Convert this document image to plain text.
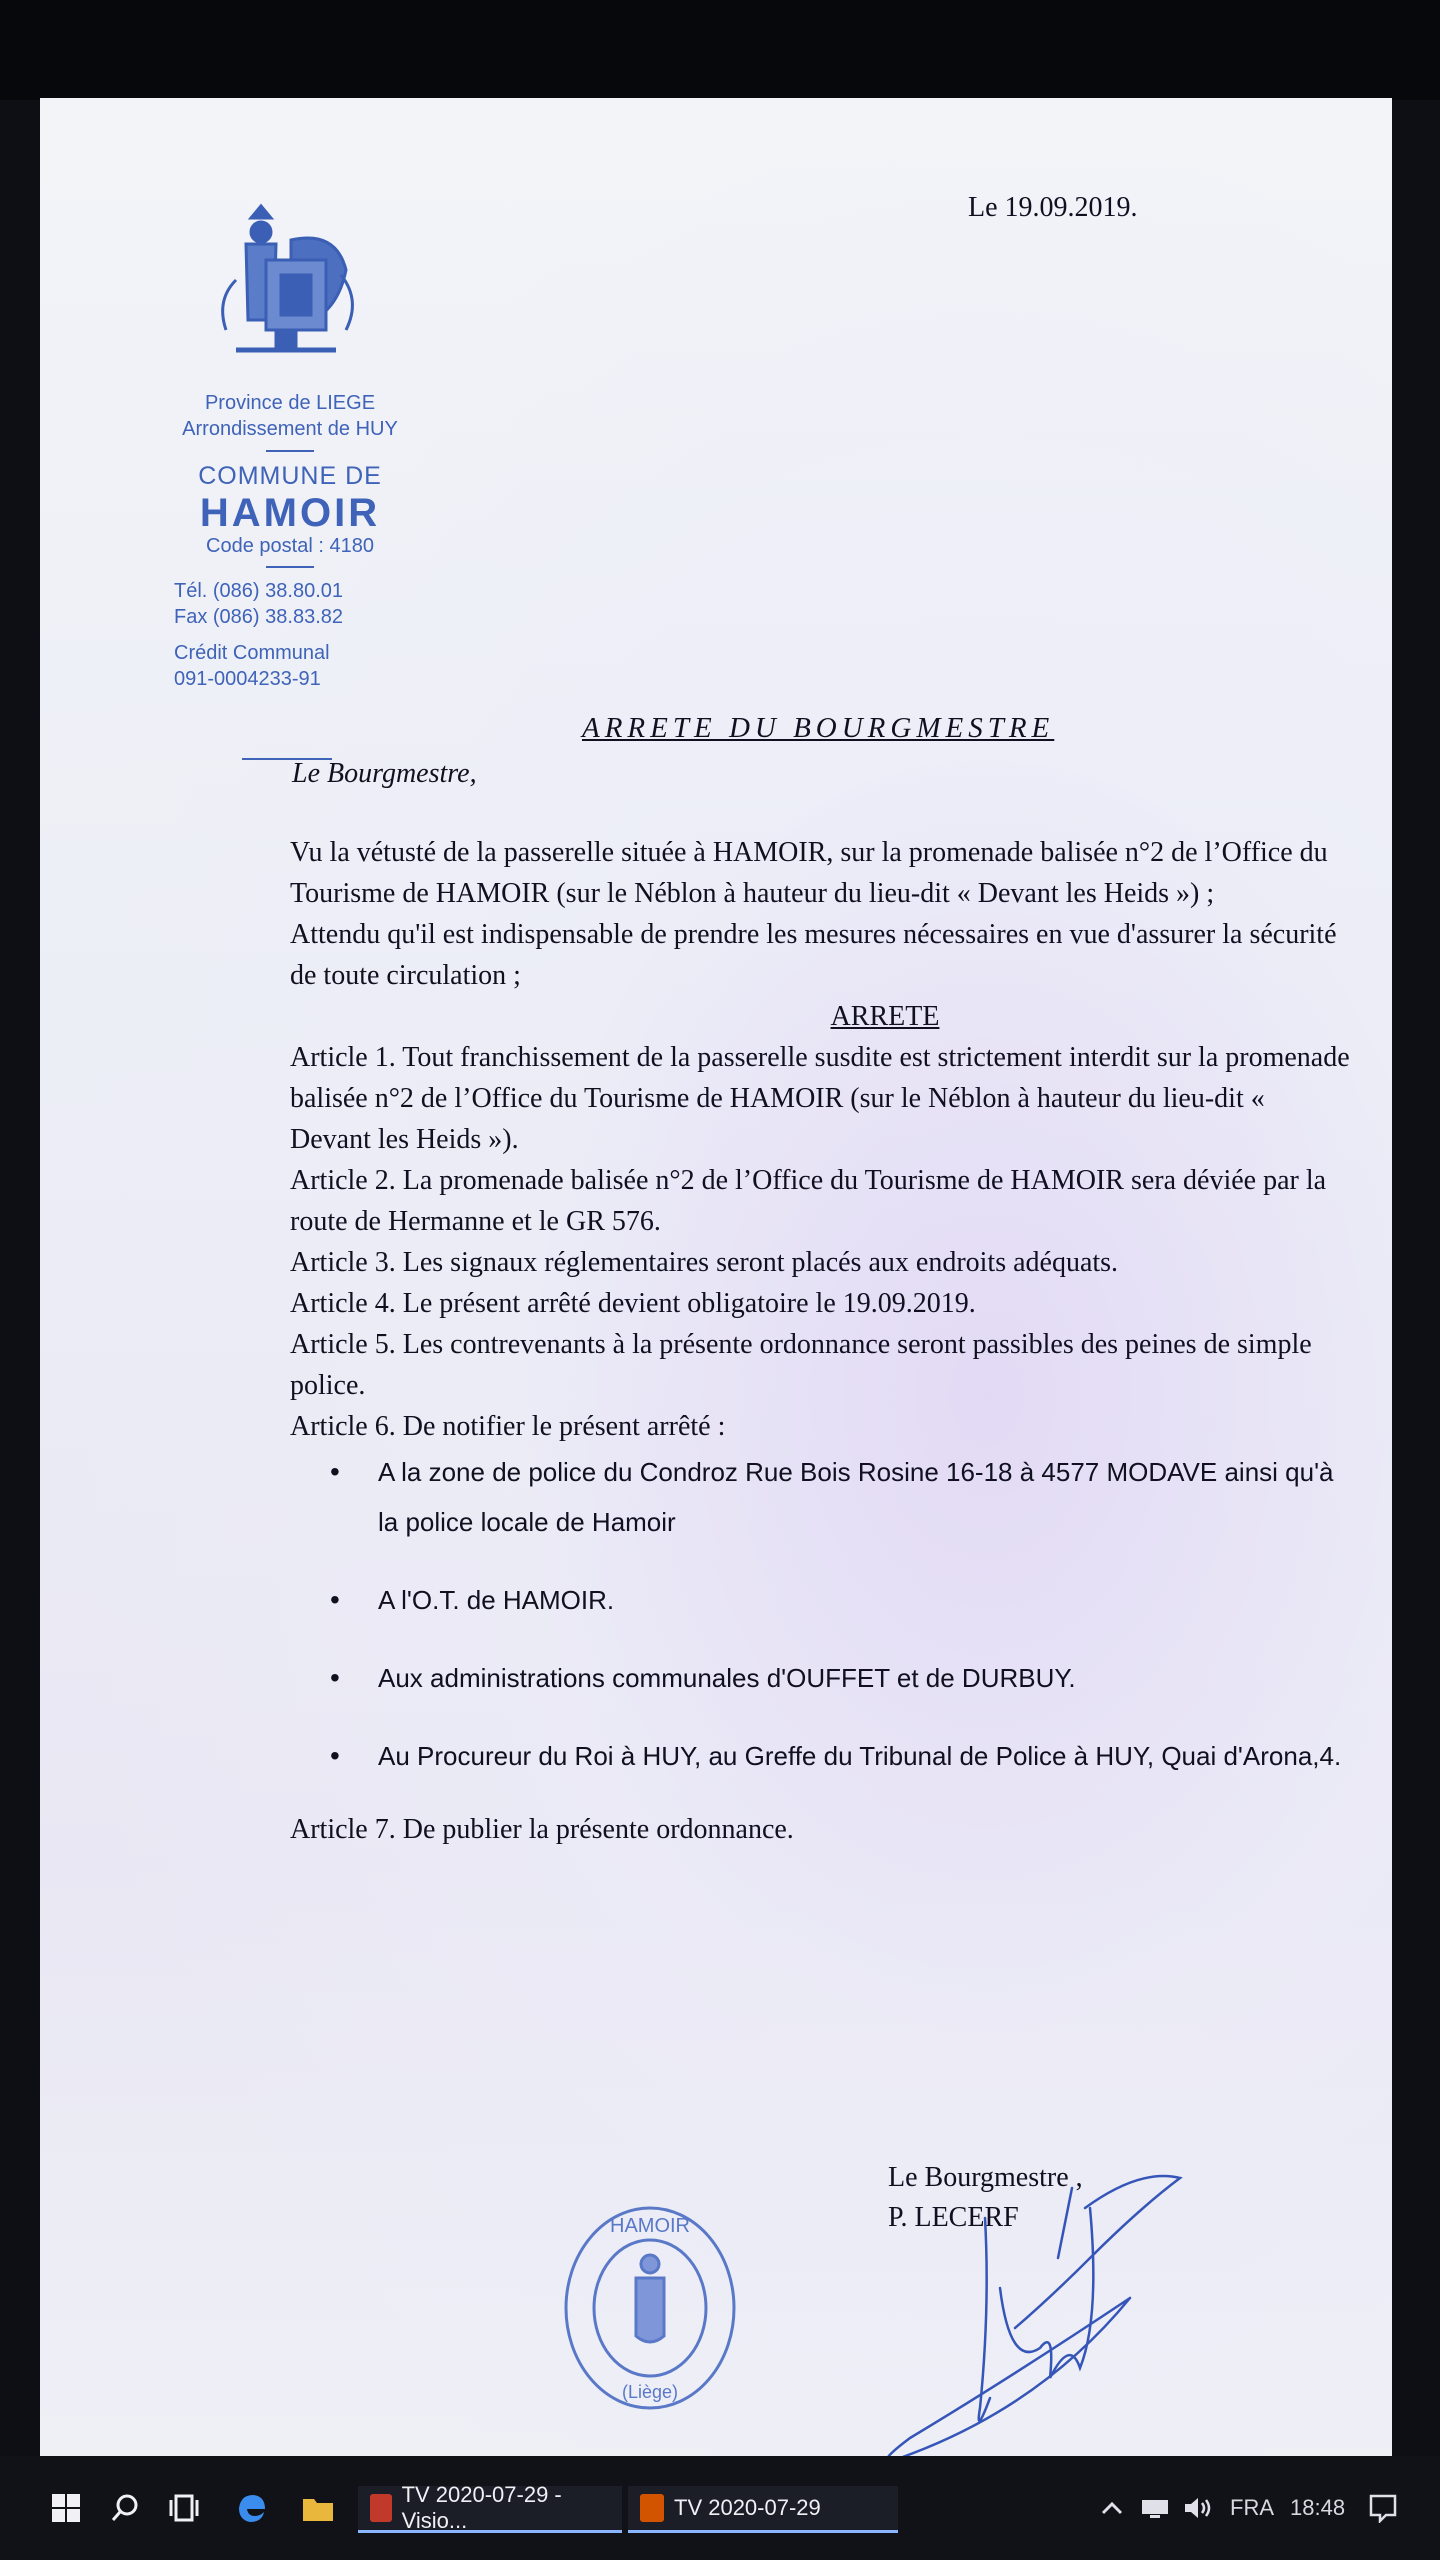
Le 19.09.2019.
Province de LIEGE
Arrondissement de HUY
COMMUNE DE
HAMOIR
Code postal : 4180
Tél. (086) 38.80.01
Fax (086) 38.83.82
Crédit Communal
091-0004233-91
ARRETE DU BOURGMESTRE
Le Bourgmestre,

Vu la vétusté de la passerelle située à HAMOIR, sur la promenade balisée n°2 de l’Office du Tourisme de HAMOIR (sur le Néblon à hauteur du lieu-dit « Devant les Heids ») ;

Attendu qu'il est indispensable de prendre les mesures nécessaires en vue d'assurer la sécurité de toute circulation ;

ARRETE

Article 1. Tout franchissement de la passerelle susdite est strictement interdit sur la promenade balisée n°2 de l’Office du Tourisme de HAMOIR (sur le Néblon à hauteur du lieu-dit « Devant les Heids »).

Article 2. La promenade balisée n°2 de l’Office du Tourisme de HAMOIR sera déviée par la route de Hermanne et le GR 576.

Article 3. Les signaux réglementaires seront placés aux endroits adéquats.

Article 4. Le présent arrêté devient obligatoire le 19.09.2019.

Article 5. Les contrevenants à la présente ordonnance seront passibles des peines de simple police.

Article 6. De notifier le présent arrêté :

• A la zone de police du Condroz Rue Bois Rosine 16-18 à 4577 MODAVE ainsi qu'à la police locale de Hamoir
• A l'O.T. de HAMOIR.
• Aux administrations communales d'OUFFET et de DURBUY.
• Au Procureur du Roi à HUY, au Greffe du Tribunal de Police à HUY, Quai d'Arona,4.

Article 7. De publier la présente ordonnance.

Le Bourgmestre ,
P. LECERF
HAMOIR
(Liège)
TV 2020-07-29 - Visio...
TV 2020-07-29	FRA 18:48
